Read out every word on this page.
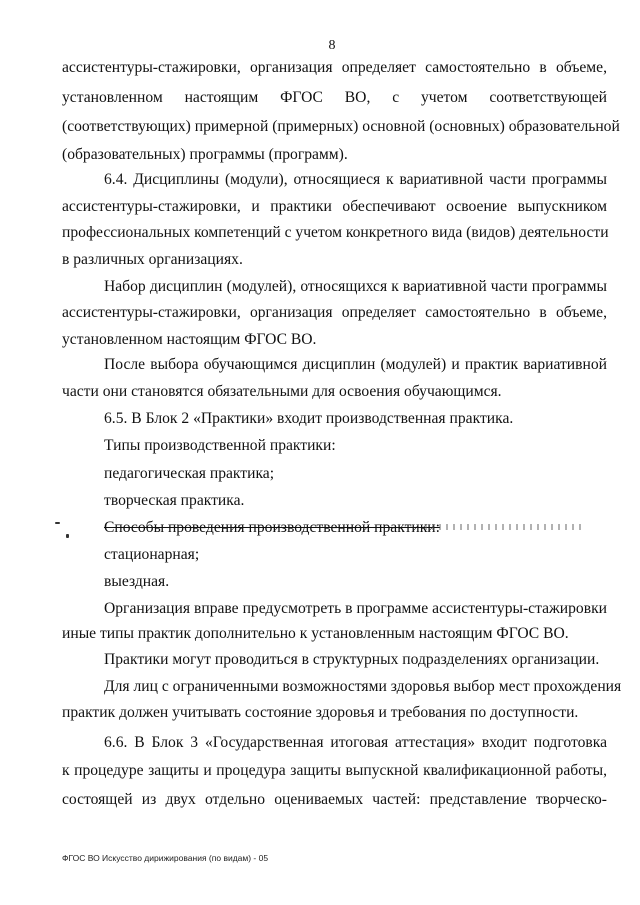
8
ассистентуры-стажировки, организация определяет самостоятельно в объеме,
установленном настоящим ФГОС ВО, с учетом соответствующей
(соответствующих) примерной (примерных) основной (основных) образовательной
(образовательных) программы (программ).
6.4. Дисциплины (модули), относящиеся к вариативной части программы
ассистентуры-стажировки, и практики обеспечивают освоение выпускником
профессиональных компетенций с учетом конкретного вида (видов) деятельности
в различных организациях.
Набор дисциплин (модулей), относящихся к вариативной части программы
ассистентуры-стажировки, организация определяет самостоятельно в объеме,
установленном настоящим ФГОС ВО.
После выбора обучающимся дисциплин (модулей) и практик вариативной
части они становятся обязательными для освоения обучающимся.
6.5. В Блок 2 «Практики» входит производственная практика.
Типы производственной практики:
педагогическая практика;
творческая практика.
Способы проведения производственной практики:
стационарная;
выездная.
Организация вправе предусмотреть в программе ассистентуры-стажировки
иные типы практик дополнительно к установленным настоящим ФГОС ВО.
Практики могут проводиться в структурных подразделениях организации.
Для лиц с ограниченными возможностями здоровья выбор мест прохождения
практик должен учитывать состояние здоровья и требования по доступности.
6.6. В Блок 3 «Государственная итоговая аттестация» входит подготовка
к процедуре защиты и процедура защиты выпускной квалификационной работы,
состоящей из двух отдельно оцениваемых частей: представление творческо-
ФГОС ВО Искусство дирижирования (по видам) - 05
